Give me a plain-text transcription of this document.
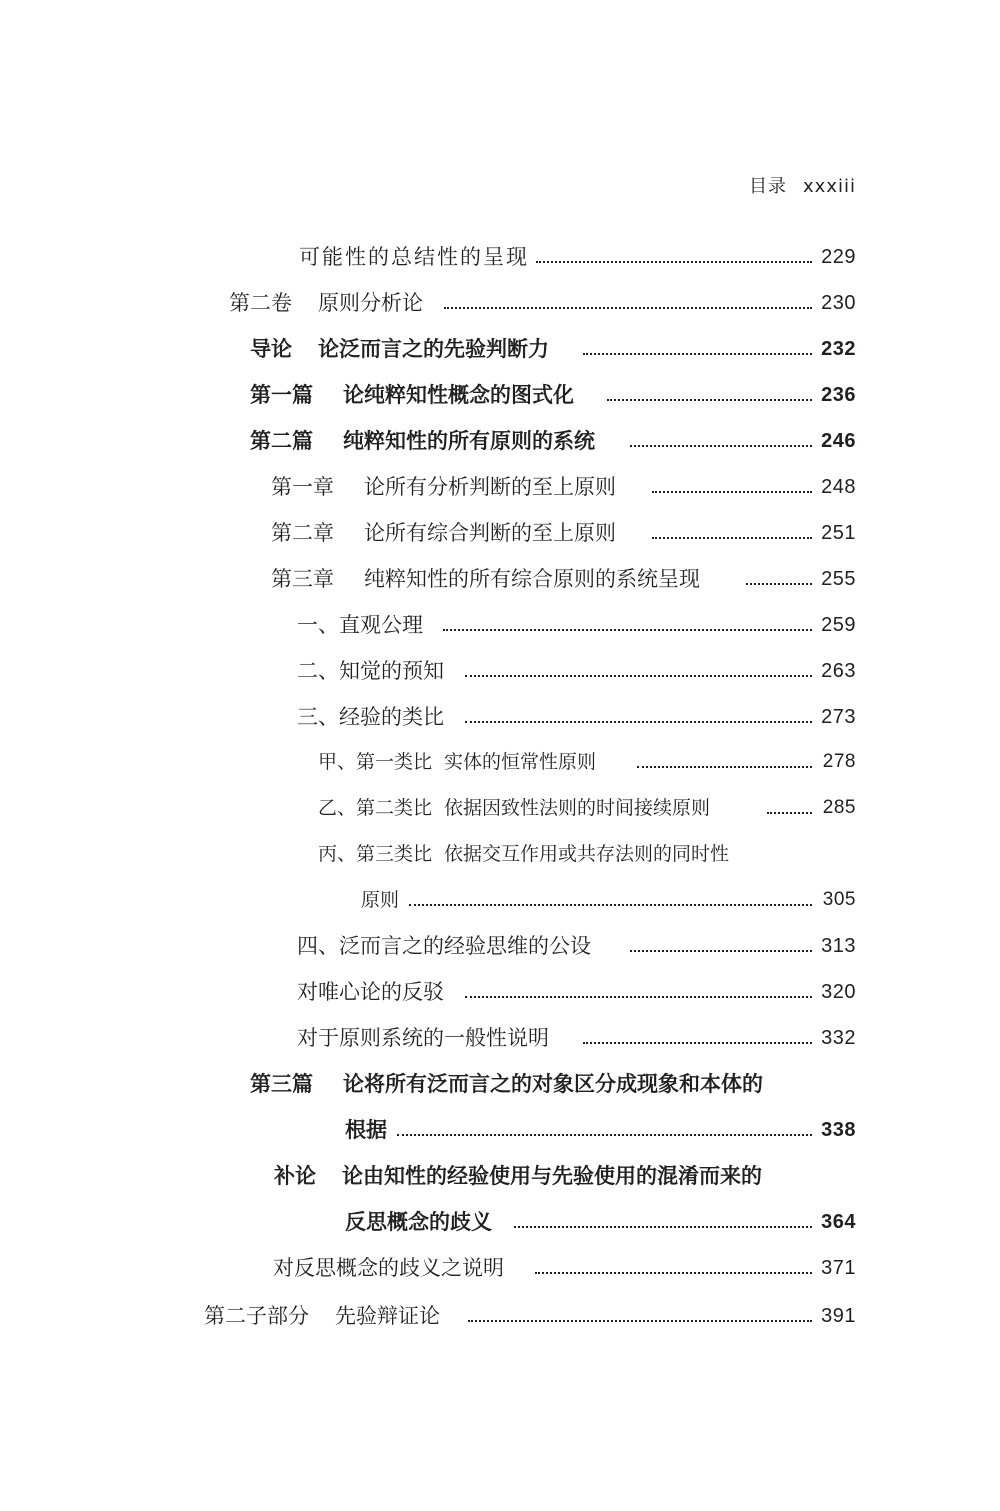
目录 xxxiii
可能性的总结性的呈现	229
第二卷 原则分析论	230
导论 论泛而言之的先验判断力	232
第一篇 论纯粹知性概念的图式化	236
第二篇 纯粹知性的所有原则的系统	246
第一章 论所有分析判断的至上原则	248
第二章 论所有综合判断的至上原则	251
第三章 纯粹知性的所有综合原则的系统呈现	255
一、直观公理	259
二、知觉的预知	263
三、经验的类比	273
甲、第一类比 实体的恒常性原则	278
乙、第二类比 依据因致性法则的时间接续原则	285
丙、第三类比 依据交互作用或共存法则的同时性
原则	305
四、泛而言之的经验思维的公设	313
对唯心论的反驳	320
对于原则系统的一般性说明	332
第三篇 论将所有泛而言之的对象区分成现象和本体的
根据	338
补论 论由知性的经验使用与先验使用的混淆而来的
反思概念的歧义	364
对反思概念的歧义之说明	371
第二子部分 先验辩证论	391
